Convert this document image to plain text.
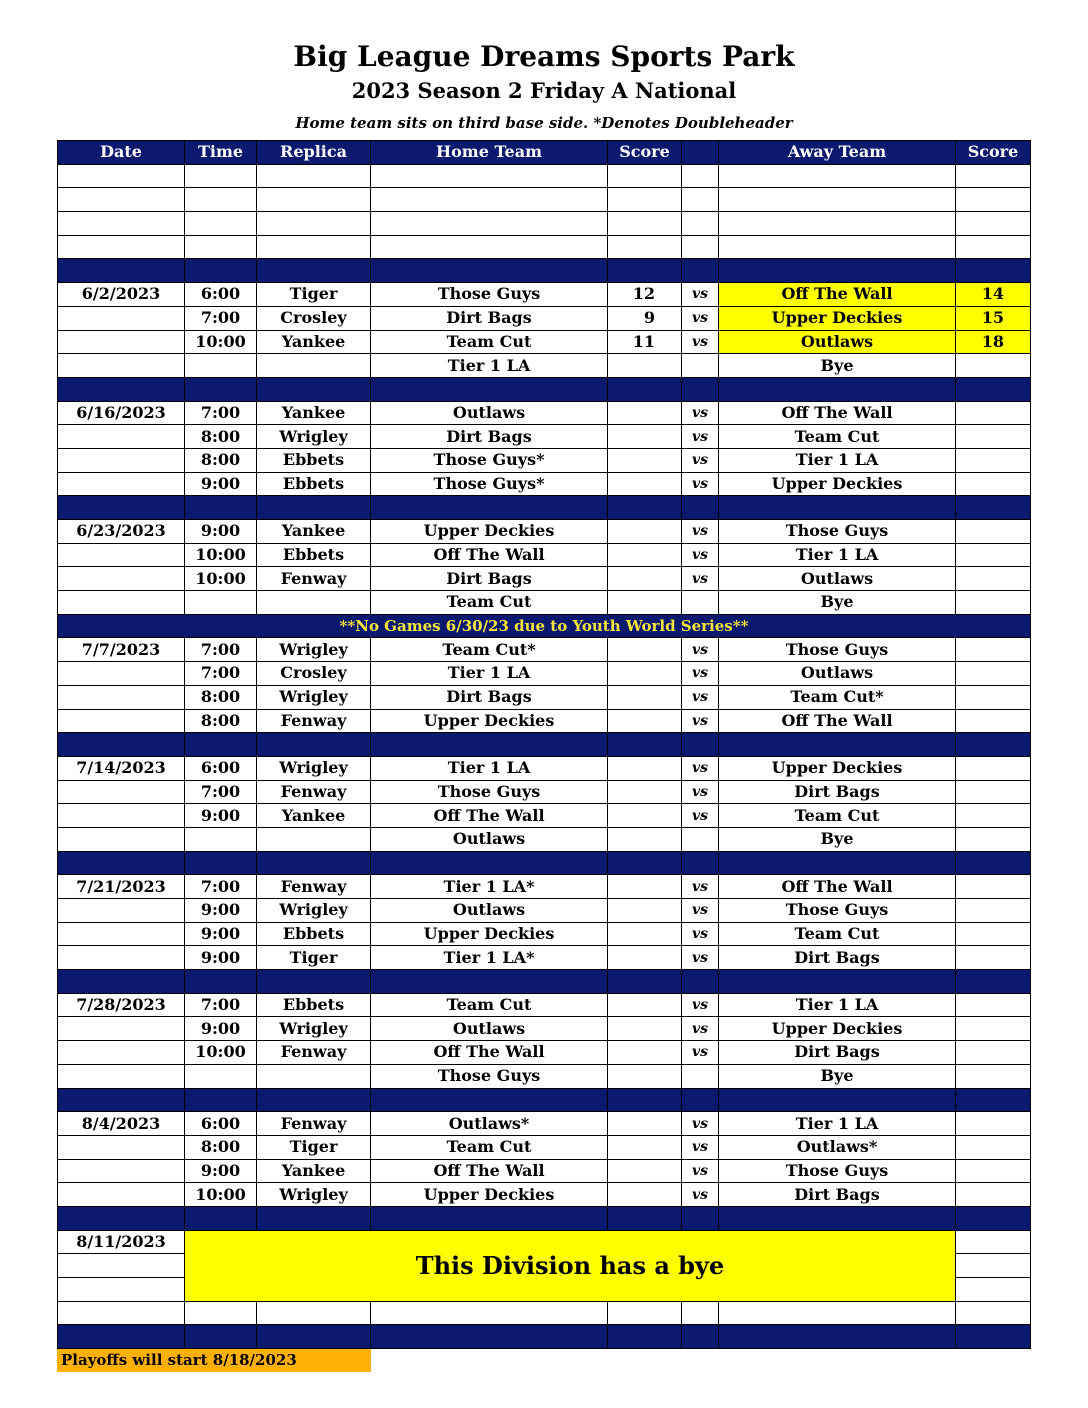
Big League Dreams Sports Park
2023 Season 2 Friday A National
Home team sits on third base side. *Denotes Doubleheader
Date	Time	Replica	Home Team	Score		Away Team	Score

6/2/2023	6:00	Tiger	Those Guys	12	vs	Off The Wall	14
	7:00	Crosley	Dirt Bags	9	vs	Upper Deckies	15
	10:00	Yankee	Team Cut	11	vs	Outlaws	18
			Tier 1 LA			Bye	

6/16/2023	7:00	Yankee	Outlaws		vs	Off The Wall	
	8:00	Wrigley	Dirt Bags		vs	Team Cut	
	8:00	Ebbets	Those Guys*		vs	Tier 1 LA	
	9:00	Ebbets	Those Guys*		vs	Upper Deckies	

6/23/2023	9:00	Yankee	Upper Deckies		vs	Those Guys	
	10:00	Ebbets	Off The Wall		vs	Tier 1 LA	
	10:00	Fenway	Dirt Bags		vs	Outlaws	
			Team Cut			Bye	
**No Games 6/30/23 due to Youth World Series**							
7/7/2023	7:00	Wrigley	Team Cut*		vs	Those Guys	
	7:00	Crosley	Tier 1 LA		vs	Outlaws	
	8:00	Wrigley	Dirt Bags		vs	Team Cut*	
	8:00	Fenway	Upper Deckies		vs	Off The Wall	

7/14/2023	6:00	Wrigley	Tier 1 LA		vs	Upper Deckies	
	7:00	Fenway	Those Guys		vs	Dirt Bags	
	9:00	Yankee	Off The Wall		vs	Team Cut	
			Outlaws			Bye	

7/21/2023	7:00	Fenway	Tier 1 LA*		vs	Off The Wall	
	9:00	Wrigley	Outlaws		vs	Those Guys	
	9:00	Ebbets	Upper Deckies		vs	Team Cut	
	9:00	Tiger	Tier 1 LA*		vs	Dirt Bags	

7/28/2023	7:00	Ebbets	Team Cut		vs	Tier 1 LA	
	9:00	Wrigley	Outlaws		vs	Upper Deckies	
	10:00	Fenway	Off The Wall		vs	Dirt Bags	
			Those Guys			Bye	

8/4/2023	6:00	Fenway	Outlaws*		vs	Tier 1 LA	
	8:00	Tiger	Team Cut		vs	Outlaws*	
	9:00	Yankee	Off The Wall		vs	Those Guys	
	10:00	Wrigley	Upper Deckies		vs	Dirt Bags	

8/11/2023	This Division has a bye						

Playoffs will start 8/18/2023
